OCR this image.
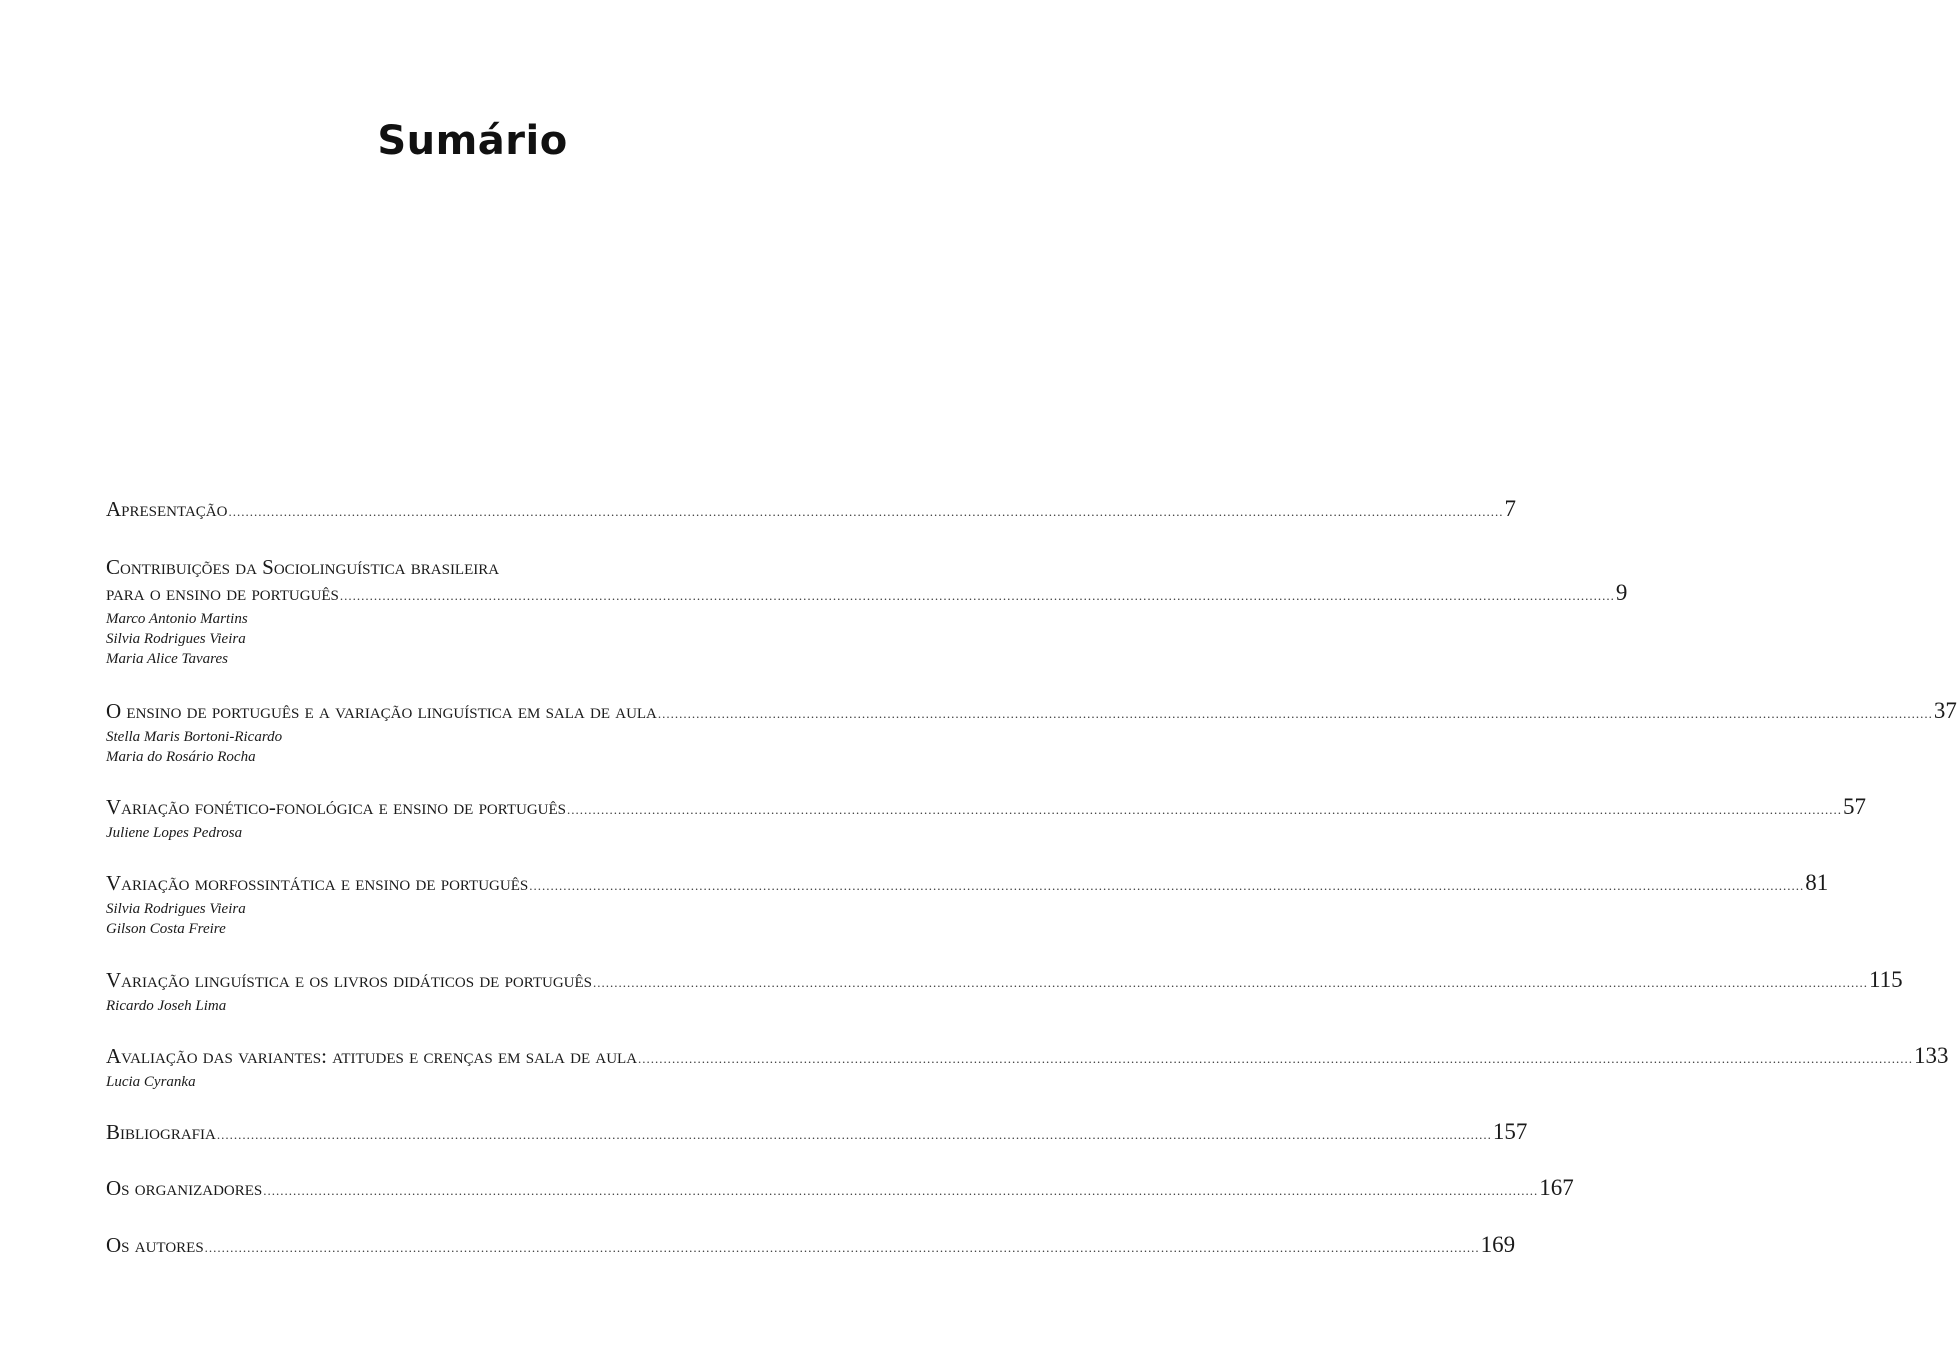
Sumário
Apresentação ............................................................................................................................................................................................................................................................................................................ 7
Contribuições da Sociolinguística brasileira
para o ensino de português ............................................................................................................................................................................................................................................................................................................ 9

Marco Antonio Martins

Silvia Rodrigues Vieira

Maria Alice Tavares

O ensino de português e a variação linguística em sala de aula ............................................................................................................................................................................................................................................................................................................ 37

Stella Maris Bortoni-Ricardo

Maria do Rosário Rocha

Variação fonético-fonológica e ensino de português ............................................................................................................................................................................................................................................................................................................ 57

Juliene Lopes Pedrosa

Variação morfossintática e ensino de português ............................................................................................................................................................................................................................................................................................................ 81

Silvia Rodrigues Vieira

Gilson Costa Freire

Variação linguística e os livros didáticos de português ............................................................................................................................................................................................................................................................................................................ 115

Ricardo Joseh Lima

Avaliação das variantes: atitudes e crenças em sala de aula ............................................................................................................................................................................................................................................................................................................ 133

Lucia Cyranka

Bibliografia ............................................................................................................................................................................................................................................................................................................ 157
Os organizadores ............................................................................................................................................................................................................................................................................................................ 167
Os autores ............................................................................................................................................................................................................................................................................................................ 169
